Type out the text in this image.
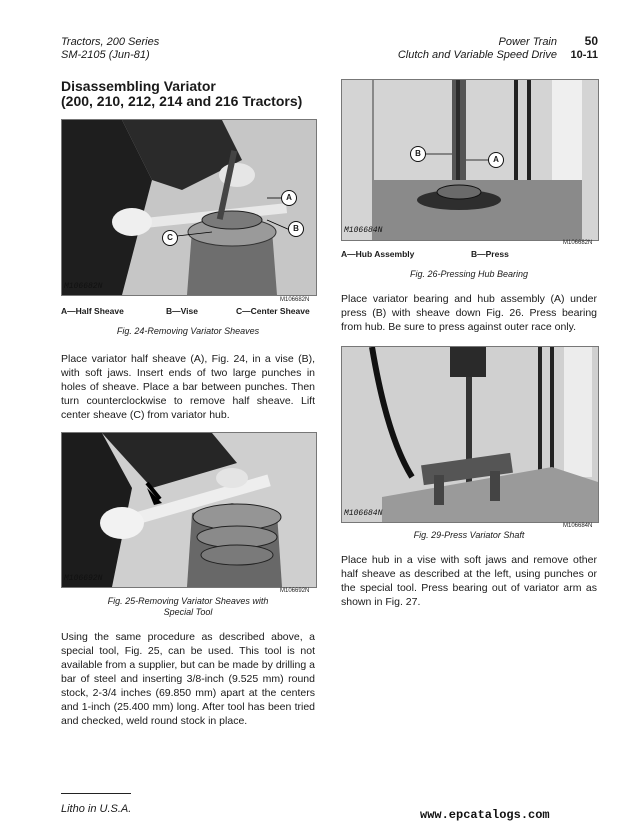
Tractors, 200 Series
SM-2105 (Jun-81)
Power Train
Clutch and Variable Speed Drive
50
10-11
Disassembling Variator
(200, 210, 212, 214 and 216 Tractors)
A
B
C
M106682N
M106682N
A—Half Sheave	B—Vise	C—Center Sheave
Fig. 24-Removing Variator Sheaves
Place variator half sheave (A), Fig. 24, in a vise (B), with soft jaws. Insert ends of two large punches in holes of sheave. Place a bar between punches. Then turn counterclockwise to remove half sheave. Lift center sheave (C) from variator hub.
M106692N
M106692N
Fig. 25-Removing Variator Sheaves with
Special Tool
Using the same procedure as described above, a special tool, Fig. 25, can be used. This tool is not available from a supplier, but can be made by drilling a bar of steel and inserting 3/8-inch (9.525 mm) round stock, 2-3/4 inches (69.850 mm) apart at the centers and 1-inch (25.400 mm) long. After tool has been tried and checked, weld round stock in place.
B
A
M106684N
M106682N
A—Hub Assembly	B—Press
Fig. 26-Pressing Hub Bearing
Place variator bearing and hub assembly (A) under press (B) with sheave down Fig. 26. Press bearing from hub. Be sure to press against outer race only.
M106684N
M106684N
Fig. 29-Press Variator Shaft
Place hub in a vise with soft jaws and remove other half sheave as described at the left, using punches or the special tool. Press bearing out of variator arm as shown in Fig. 27.
Litho in U.S.A.	www.epcatalogs.com
